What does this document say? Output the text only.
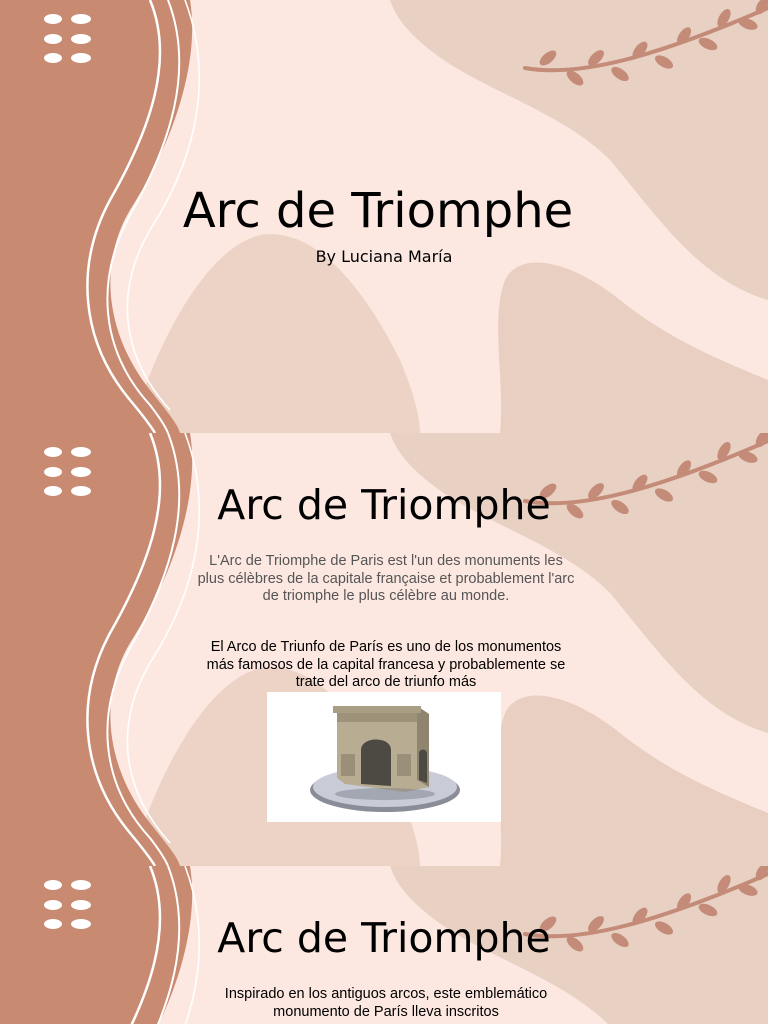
Arc de Triomphe
By Luciana María
Arc de Triomphe

L'Arc de Triomphe de Paris est l'un des monuments les plus célèbres de la capitale française et probablement l'arc de triomphe le plus célèbre au monde.

El Arco de Triunfo de París es uno de los monumentos más famosos de la capital francesa y probablemente se trate del arco de triunfo más

Arc de Triomphe

Inspirado en los antiguos arcos, este emblemático monumento de París lleva inscritos
